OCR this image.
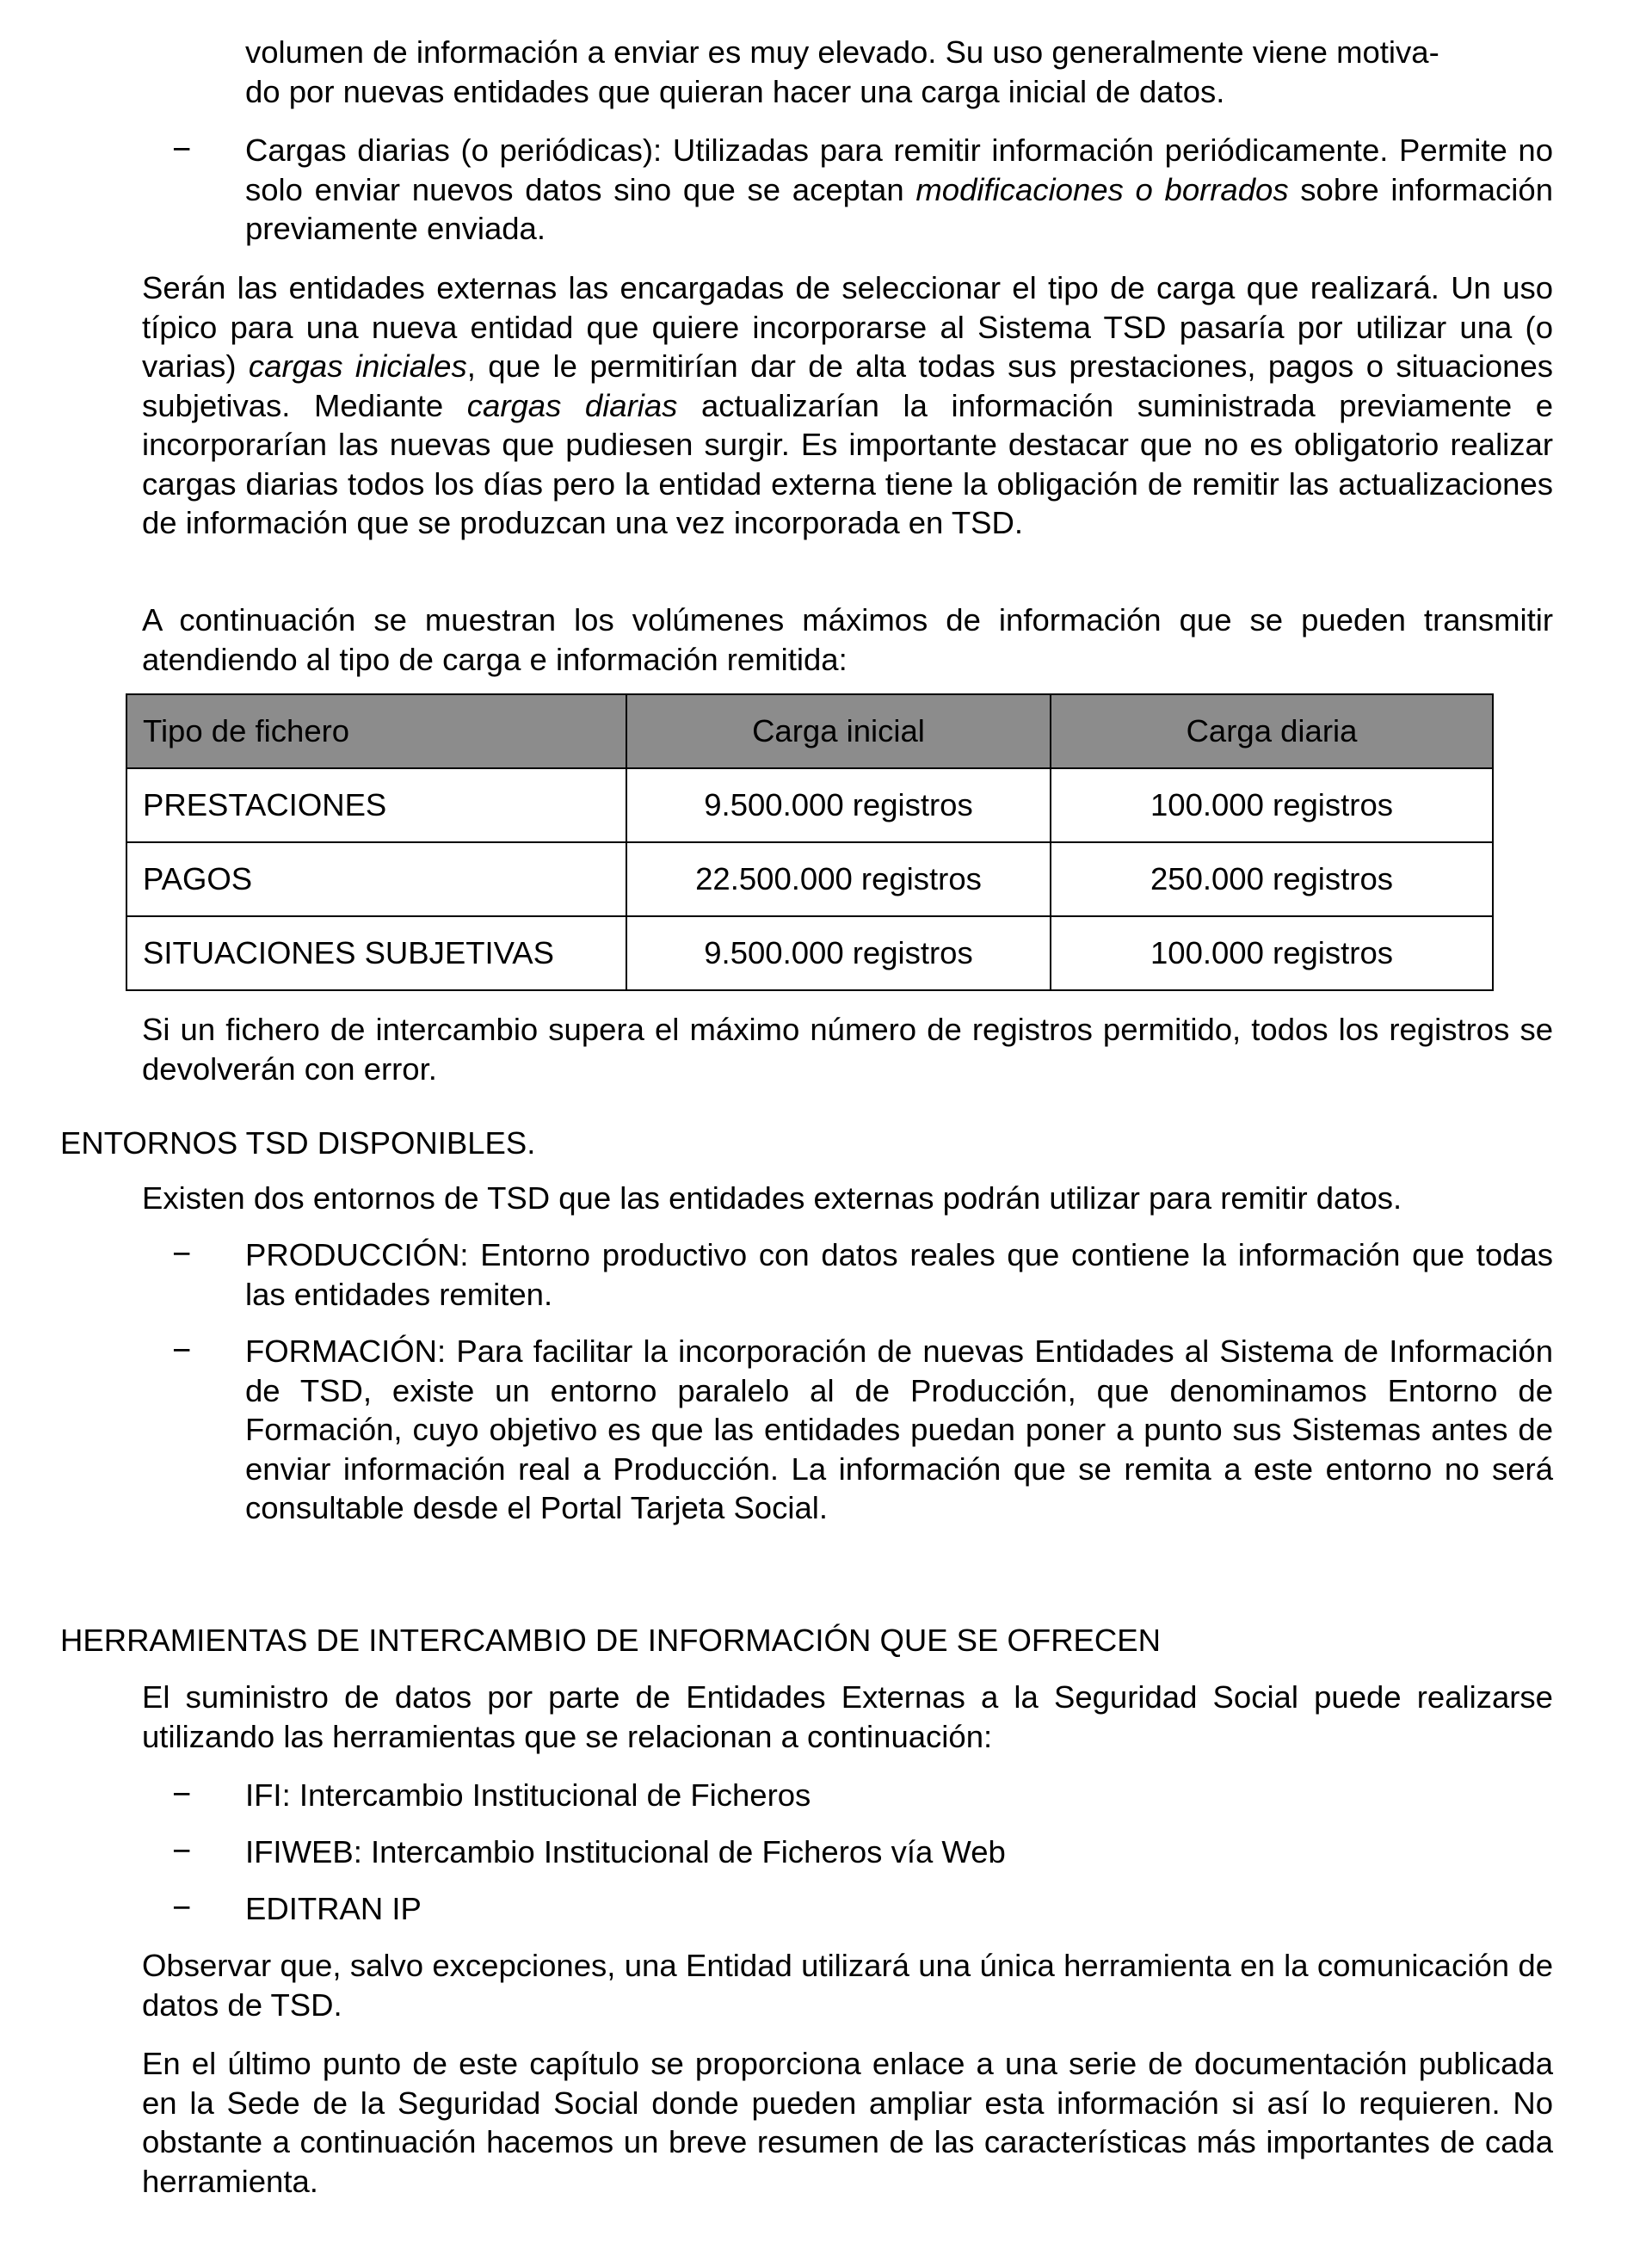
volumen de información a enviar es muy elevado. Su uso generalmente viene motiva-

do por nuevas entidades que quieran hacer una carga inicial de datos.

− Cargas diarias (o periódicas): Utilizadas para remitir información periódicamente. Permite no solo enviar nuevos datos sino que se aceptan modificaciones o borrados sobre información previamente enviada.

Serán las entidades externas las encargadas de seleccionar el tipo de carga que realizará. Un uso típico para una nueva entidad que quiere incorporarse al Sistema TSD pasaría por utilizar una (o varias) cargas iniciales, que le permitirían dar de alta todas sus prestaciones, pagos o situaciones subjetivas. Mediante cargas diarias actualizarían la información suministrada previamente e incorporarían las nuevas que pudiesen surgir. Es importante destacar que no es obligatorio realizar cargas diarias todos los días pero la entidad externa tiene la obligación de remitir las actualizaciones de información que se produzcan una vez incorporada en TSD.

A continuación se muestran los volúmenes máximos de información que se pueden transmitir atendiendo al tipo de carga e información remitida:

Tipo de fichero	Carga inicial	Carga diaria
PRESTACIONES	9.500.000 registros	100.000 registros
PAGOS	22.500.000 registros	250.000 registros
SITUACIONES SUBJETIVAS	9.500.000 registros	100.000 registros

Si un fichero de intercambio supera el máximo número de registros permitido, todos los registros se devolverán con error.

ENTORNOS TSD DISPONIBLES.

Existen dos entornos de TSD que las entidades externas podrán utilizar para remitir datos.

− PRODUCCIÓN: Entorno productivo con datos reales que contiene la información que todas las entidades remiten.

− FORMACIÓN: Para facilitar la incorporación de nuevas Entidades al Sistema de Información de TSD, existe un entorno paralelo al de Producción, que denominamos Entorno de Formación, cuyo objetivo es que las entidades puedan poner a punto sus Sistemas antes de enviar información real a Producción. La información que se remita a este entorno no será consultable desde el Portal Tarjeta Social.

HERRAMIENTAS DE INTERCAMBIO DE INFORMACIÓN QUE SE OFRECEN

El suministro de datos por parte de Entidades Externas a la Seguridad Social puede realizarse utilizando las herramientas que se relacionan a continuación:

− IFI: Intercambio Institucional de Ficheros

− IFIWEB: Intercambio Institucional de Ficheros vía Web

− EDITRAN IP

Observar que, salvo excepciones, una Entidad utilizará una única herramienta en la comunicación de datos de TSD.

En el último punto de este capítulo se proporciona enlace a una serie de documentación publicada en la Sede de la Seguridad Social donde pueden ampliar esta información si así lo requieren. No obstante a continuación hacemos un breve resumen de las características más importantes de cada herramienta.
